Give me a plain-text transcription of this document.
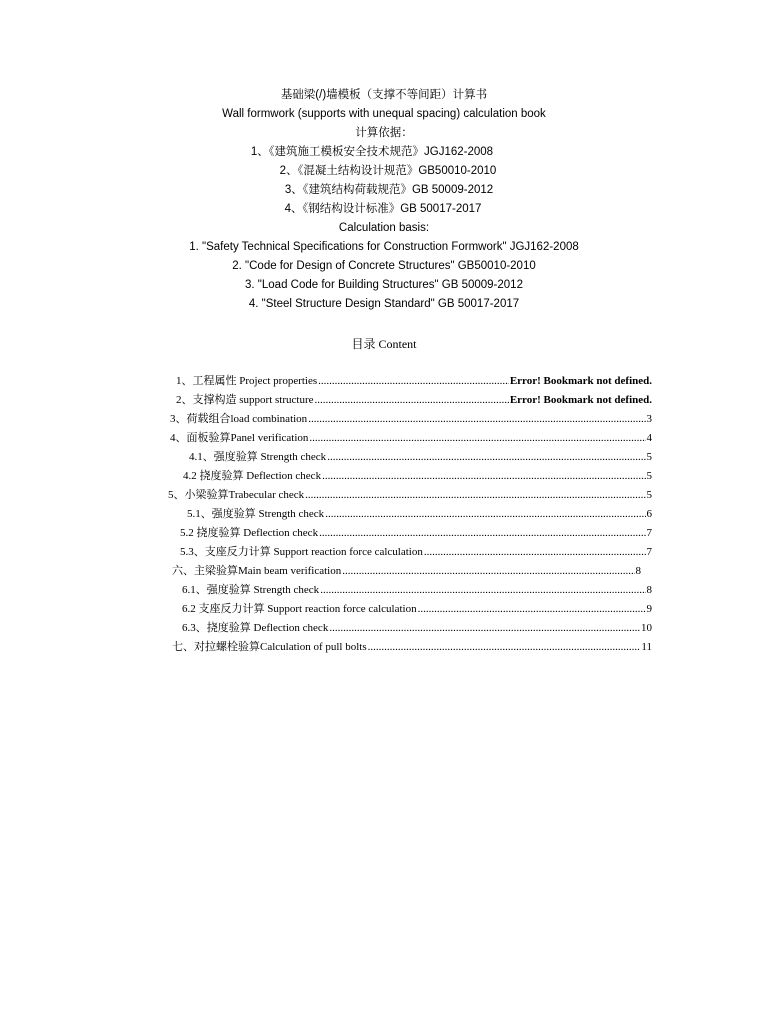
基础梁(/)墙模板（支撑不等间距）计算书
Wall formwork (supports with unequal spacing) calculation book
计算依据：
1、《建筑施工模板安全技术规范》JGJ162-2008
2、《混凝土结构设计规范》GB50010-2010
3、《建筑结构荷载规范》GB 50009-2012
4、《钢结构设计标准》GB 50017-2017
Calculation basis:
1. "Safety Technical Specifications for Construction Formwork" JGJ162-2008
2. "Code for Design of Concrete Structures" GB50010-2010
3. "Load Code for Building Structures" GB 50009-2012
4. "Steel Structure Design Standard" GB 50017-2017
目录 Content
1、工程属性 Project properties .....	Error! Bookmark not defined.
2、支撑构造 support structure .....	Error! Bookmark not defined.
3、荷载组合load combination .....	3
4、面板验算Panel verification .....	4
4.1、强度验算 Strength check .....	5
4.2 挠度验算 Deflection check .....	5
5、小梁验算Trabecular check .....	5
5.1、强度验算 Strength check .....	6
5.2 挠度验算 Deflection check .....	7
5.3、支座反力计算 Support reaction force calculation .....	7
六、主梁验算Main beam verification .....	8
6.1、强度验算 Strength check .....	8
6.2 支座反力计算 Support reaction force calculation .....	9
6.3、挠度验算 Deflection check .....	10
七、对拉螺栓验算Calculation of pull bolts .....	11
